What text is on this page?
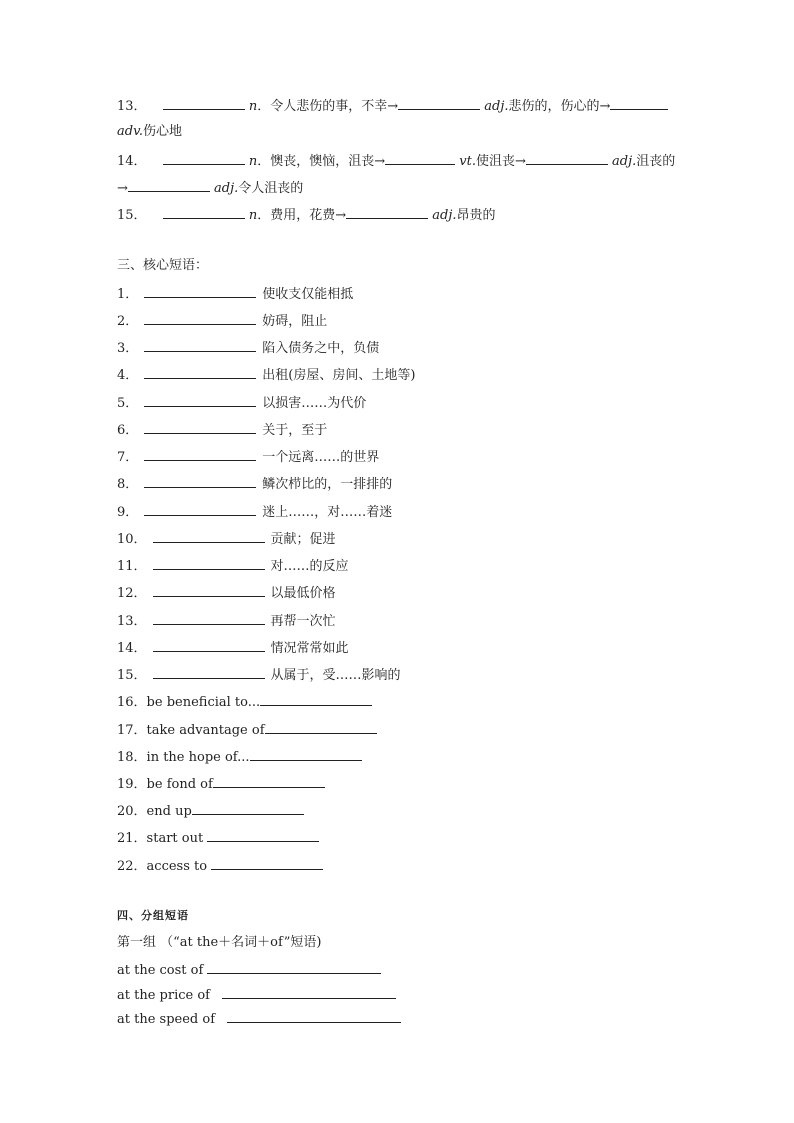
13．	n．令人悲伤的事，不幸→	adj.悲伤的，伤心的→
adv.伤心地
14．	n．懊丧，懊恼，沮丧→	vt.使沮丧→	adj.沮丧的
→	adj.令人沮丧的
15．	n．费用，花费→	adj.昂贵的
三、核心短语：
1．	使收支仅能相抵
2．	妨碍，阻止
3．	陷入债务之中，负债
4．	出租(房屋、房间、土地等)
5．	以损害……为代价
6．	关于，至于
7．	一个远离……的世界
8．	鳞次栉比的，一排排的
9．	迷上……，对……着迷
10．	贡献；促进
11．	对……的反应
12．	以最低价格
13．	再帮一次忙
14．	情况常常如此
15．	从属于，受……影响的
16．be beneficial to...
17．take advantage of
18．in the hope of...
19．be fond of
20．end up
21．start out
22．access to
四、分组短语
第一组 （“at the＋名词＋of”短语)
at the cost of
at the price of
at the speed of
